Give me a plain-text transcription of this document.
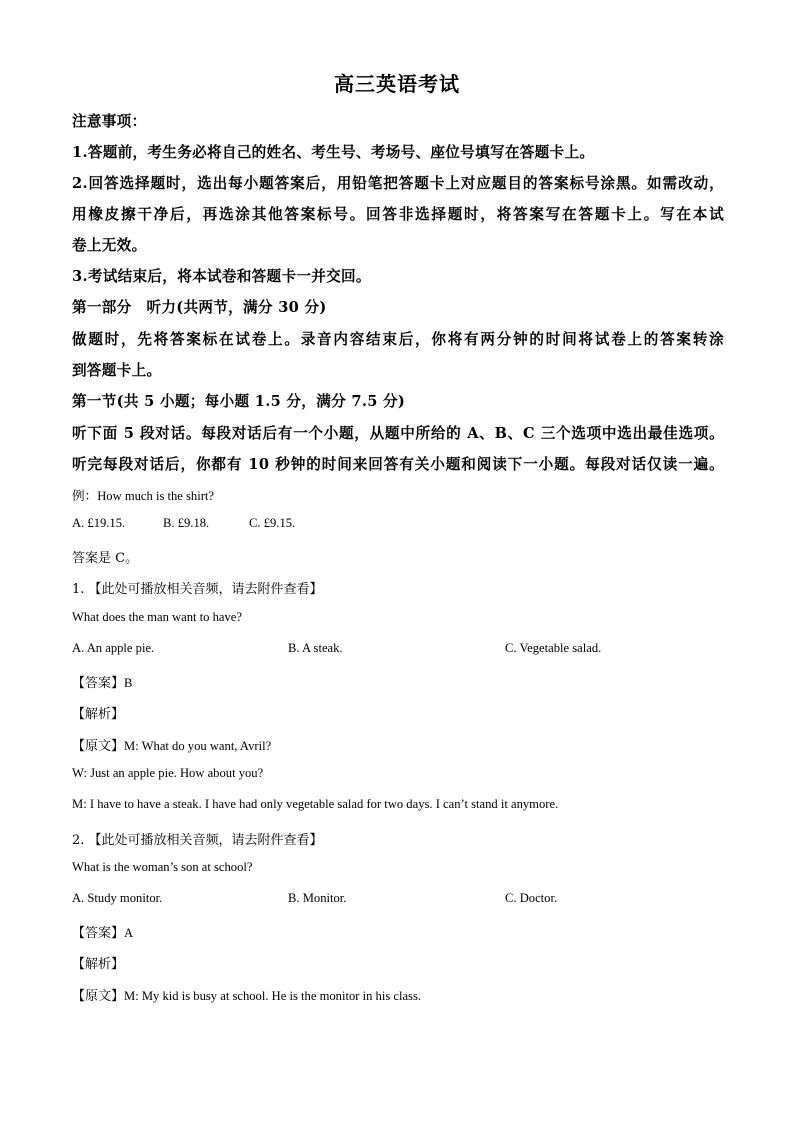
高三英语考试
注意事项：
1.答题前，考生务必将自己的姓名、考生号、考场号、座位号填写在答题卡上。
2.回答选择题时，选出每小题答案后，用铅笔把答题卡上对应题目的答案标号涂黑。如需改动，
用橡皮擦干净后，再选涂其他答案标号。回答非选择题时，将答案写在答题卡上。写在本试
卷上无效。
3.考试结束后，将本试卷和答题卡一并交回。
第一部分　听力(共两节，满分 30 分)
做题时，先将答案标在试卷上。录音内容结束后，你将有两分钟的时间将试卷上的答案转涂
到答题卡上。
第一节(共 5 小题；每小题 1.5 分，满分 7.5 分)
听下面 5 段对话。每段对话后有一个小题，从题中所给的 A、B、C 三个选项中选出最佳选项。
听完每段对话后，你都有 10 秒钟的时间来回答有关小题和阅读下一小题。每段对话仅读一遍。
例：How much is the shirt?
A. £19.15.	B. £9.18.	C. £9.15.
答案是 C。
1. 【此处可播放相关音频，请去附件查看】
What does the man want to have?
A. An apple pie.	B. A steak.	C. Vegetable salad.
【答案】B
【解析】
【原文】M: What do you want, Avril?
W: Just an apple pie. How about you?
M: I have to have a steak. I have had only vegetable salad for two days. I can’t stand it anymore.
2. 【此处可播放相关音频，请去附件查看】
What is the woman’s son at school?
A. Study monitor.	B. Monitor.	C. Doctor.
【答案】A
【解析】
【原文】M: My kid is busy at school. He is the monitor in his class.
